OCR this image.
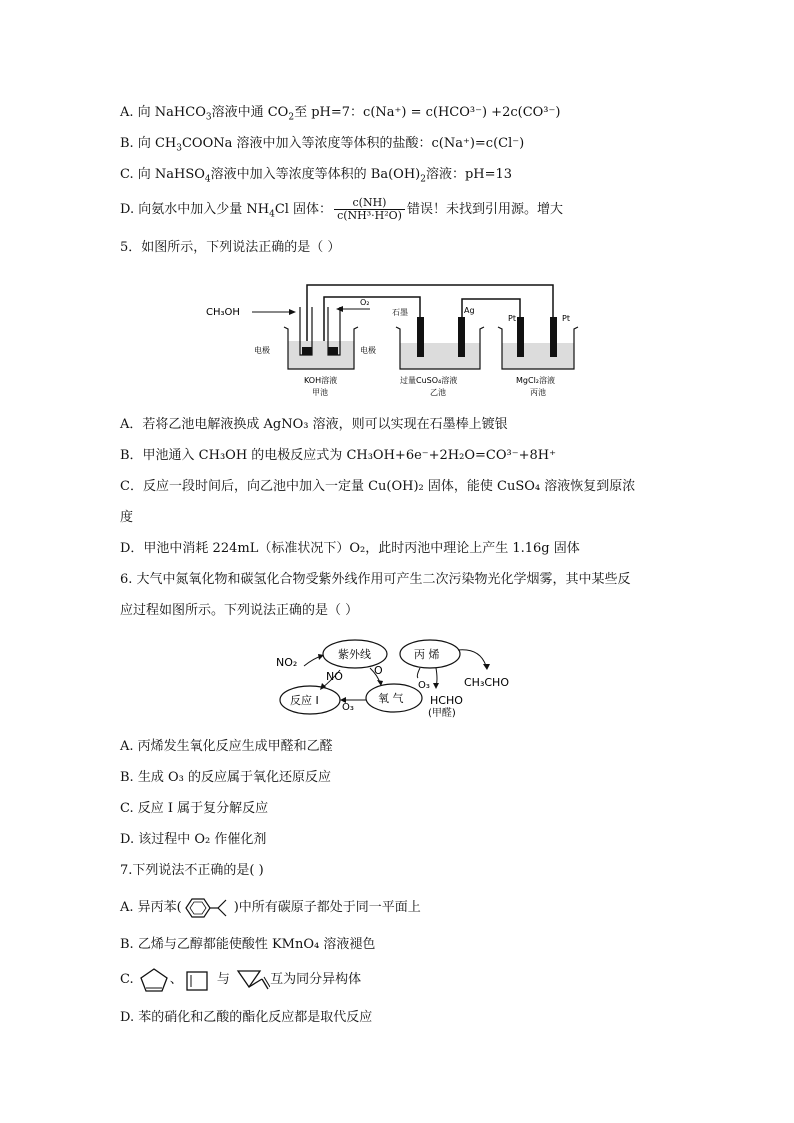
A. 向 NaHCO$_3$溶液中通 $CO_2$至 pH=7：c(Na⁺) = c(HCO³⁻) +2c(CO³⁻)
B. 向 $CH_3COONa$ 溶液中加入等浓度等体积的盐酸：c(Na⁺)=c(Cl⁻)
C. 向 NaHSO$_4$溶液中加入等浓度等体积的 $Ba(OH)_2$溶液：pH=13
D. 向氨水中加入少量 $NH_4Cl$ 固体： $\frac{c(NH)}{\text{c(NH³·H²O)}}$ 错误！未找到引用源。增大
5．如图所示，下列说法正确的是（ ）
O₂
CH₃OH
电极	电极
KOH溶液
甲池
石墨	Ag
过量CuSO₄溶液
乙池
Pt	Pt
MgCl₂溶液
丙池
A．若将乙池电解液换成 AgNO₃ 溶液，则可以实现在石墨棒上镀银
B．甲池通入 CH₃OH 的电极反应式为 CH₃OH+6e⁻+2H₂O=CO³⁻+8H⁺
C．反应一段时间后，向乙池中加入一定量 Cu(OH)₂ 固体，能使 CuSO₄ 溶液恢复到原浓
度
D．甲池中消耗 224mL（标准状况下）O₂，此时丙池中理论上产生 1.16g 固体
6. 大气中氮氧化物和碳氢化合物受紫外线作用可产生二次污染物光化学烟雾，其中某些反
应过程如图所示。下列说法正确的是（ ）
紫外线	丙 烯
反应 I	氧 气
NO₂
NO	O
O₃
O₃
HCHO
(甲醛)
CH₃CHO
A. 丙烯发生氧化反应生成甲醛和乙醛
B. 生成 O₃ 的反应属于氧化还原反应
C. 反应 I 属于复分解反应
D. 该过程中 O₂ 作催化剂
7.下列说法不正确的是( )
A. 异丙苯(	)中所有碳原子都处于同一平面上
B. 乙烯与乙醇都能使酸性 KMnO₄ 溶液褪色
C.	、	与	互为同分异构体
D. 苯的硝化和乙酸的酯化反应都是取代反应
